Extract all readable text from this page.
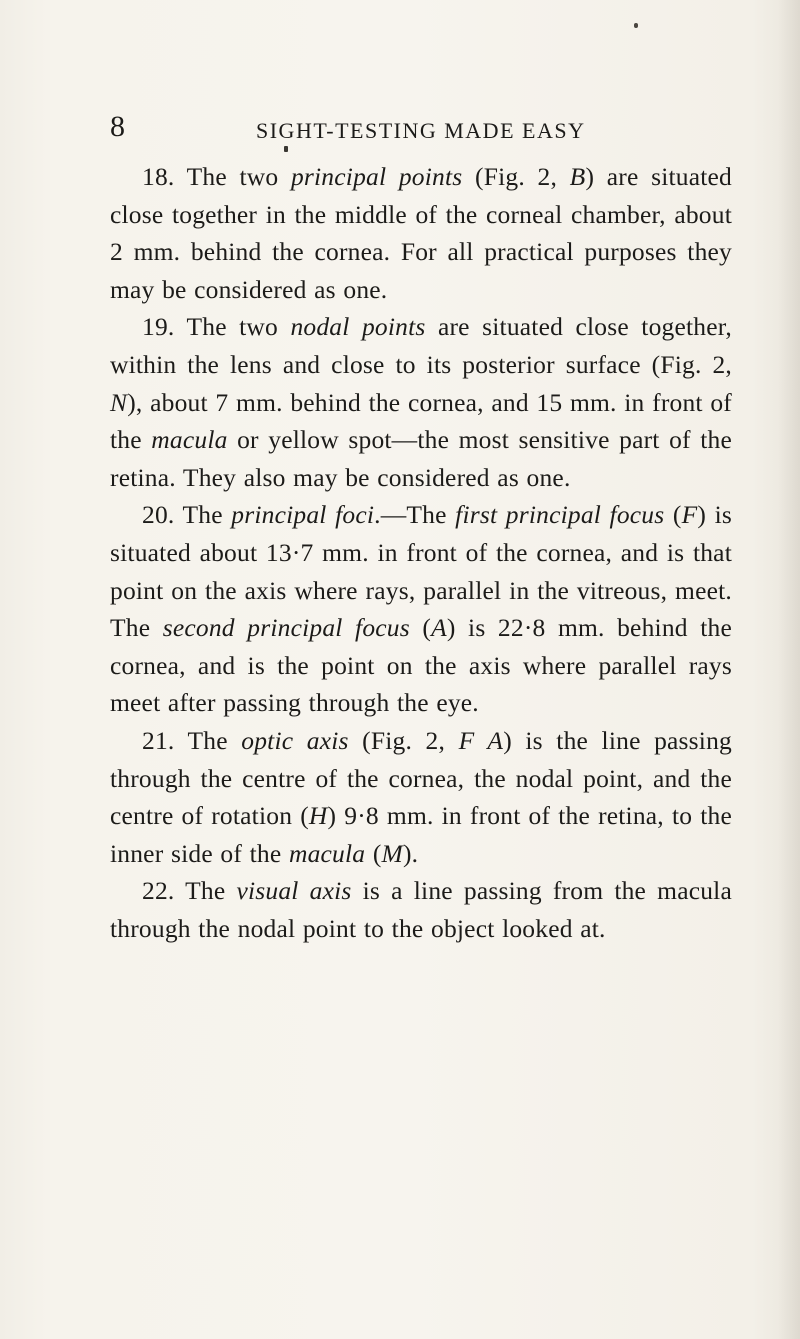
8	SIGHT-TESTING MADE EASY

18. The two principal points (Fig. 2, B) are situated close together in the middle of the corneal chamber, about 2 mm. behind the cornea. For all practical purposes they may be considered as one.

19. The two nodal points are situated close together, within the lens and close to its posterior surface (Fig. 2, N), about 7 mm. behind the cornea, and 15 mm. in front of the macula or yellow spot—the most sensitive part of the retina. They also may be considered as one.

20. The principal foci.—The first principal focus (F) is situated about 13·7 mm. in front of the cornea, and is that point on the axis where rays, parallel in the vitreous, meet. The second principal focus (A) is 22·8 mm. behind the cornea, and is the point on the axis where parallel rays meet after passing through the eye.

21. The optic axis (Fig. 2, F A) is the line passing through the centre of the cornea, the nodal point, and the centre of rotation (H) 9·8 mm. in front of the retina, to the inner side of the macula (M).

22. The visual axis is a line passing from the macula through the nodal point to the object looked at.
